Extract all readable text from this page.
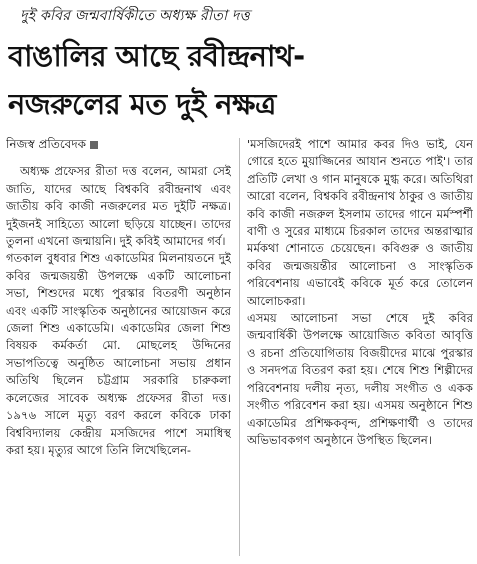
দুই কবির জন্মবার্ষিকীতে অধ্যক্ষ রীতা দত্ত
বাঙালির আছে রবীন্দ্রনাথ-
নজরুলের মত দুই নক্ষত্র
নিজস্ব প্রতিবেদক

অধ্যক্ষ প্রফেসর রীতা দত্ত বলেন, আমরা সেই জাতি, যাদের আছে বিশ্বকবি রবীন্দ্রনাথ এবং জাতীয় কবি কাজী নজরুলের মত দুইটি নক্ষত্র। দুইজনই সাহিত্যে আলো ছড়িয়ে যাচ্ছেন। তাদের তুলনা এখনো জন্মায়নি। দুই কবিই আমাদের গর্ব।

গতকাল বুধবার শিশু একাডেমির মিলনায়তনে দুই কবির জন্মজয়ন্তী উপলক্ষে একটি আলোচনা সভা, শিশুদের মধ্যে পুরস্কার বিতরণী অনুষ্ঠান এবং একটি সাংস্কৃতিক অনুষ্ঠানের আয়োজন করে জেলা শিশু একাডেমি। একাডেমির জেলা শিশু বিষয়ক কর্মকর্তা মো. মোছলেহ উদ্দিনের সভাপতিত্বে অনুষ্ঠিত আলোচনা সভায় প্রধান অতিথি ছিলেন চট্টগ্রাম সরকারি চারুকলা কলেজের সাবেক অধ্যক্ষ প্রফেসর রীতা দত্ত। ১৯৭৬ সালে মৃত্যু বরণ করলে কবিকে ঢাকা বিশ্ববিদ্যালয় কেন্দ্রীয় মসজিদের পাশে সমাধিস্থ করা হয়। মৃত্যুর আগে তিনি লিখেছিলেন-

'মসজিদেরই পাশে আমার কবর দিও ভাই, যেন গোরে হতে মুয়াজ্জিনের আযান শুনতে পাই'। তার প্রতিটি লেখা ও গান মানুষকে মুগ্ধ করে। অতিথিরা আরো বলেন, বিশ্বকবি রবীন্দ্রনাথ ঠাকুর ও জাতীয় কবি কাজী নজরুল ইসলাম তাদের গানে মর্মস্পর্শী বাণী ও সুরের মাধ্যমে চিরকাল তাদের অন্তরাত্মার মর্মকথা শোনাতে চেয়েছেন। কবিগুরু ও জাতীয় কবির জন্মজয়ন্তীর আলোচনা ও সাংস্কৃতিক পরিবেশনায় এভাবেই কবিকে মূর্ত করে তোলেন আলোচকরা।

এসময় আলোচনা সভা শেষে দুই কবির জন্মবার্ষিকী উপলক্ষে আয়োজিত কবিতা আবৃত্তি ও রচনা প্রতিযোগিতায় বিজয়ীদের মাঝে পুরস্কার ও সনদপত্র বিতরণ করা হয়। শেষে শিশু শিল্পীদের পরিবেশনায় দলীয় নৃত্য, দলীয় সংগীত ও একক সংগীত পরিবেশন করা হয়। এসময় অনুষ্ঠানে শিশু একাডেমির প্রশিক্ষকবৃন্দ, প্রশিক্ষণার্থী ও তাদের অভিভাবকগণ অনুষ্ঠানে উপস্থিত ছিলেন।
